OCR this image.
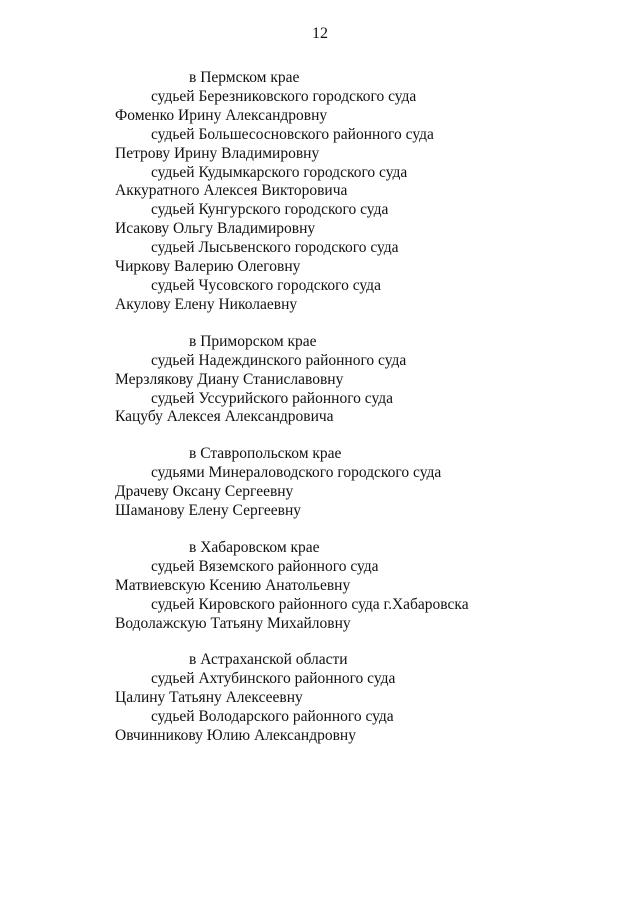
12
в Пермском крае
судьей Березниковского городского суда
Фоменко Ирину Александровну
судьей Большесосновского районного суда
Петрову Ирину Владимировну
судьей Кудымкарского городского суда
Аккуратного Алексея Викторовича
судьей Кунгурского городского суда
Исакову Ольгу Владимировну
судьей Лысьвенского городского суда
Чиркову Валерию Олеговну
судьей Чусовского городского суда
Акулову Елену Николаевну
в Приморском крае
судьей Надеждинского районного суда
Мерзлякову Диану Станиславовну
судьей Уссурийского районного суда
Кацубу Алексея Александровича
в Ставропольском крае
судьями Минераловодского городского суда
Драчеву Оксану Сергеевну
Шаманову Елену Сергеевну
в Хабаровском крае
судьей Вяземского районного суда
Матвиевскую Ксению Анатольевну
судьей Кировского районного суда г.Хабаровска
Водолажскую Татьяну Михайловну
в Астраханской области
судьей Ахтубинского районного суда
Цалину Татьяну Алексеевну
судьей Володарского районного суда
Овчинникову Юлию Александровну
